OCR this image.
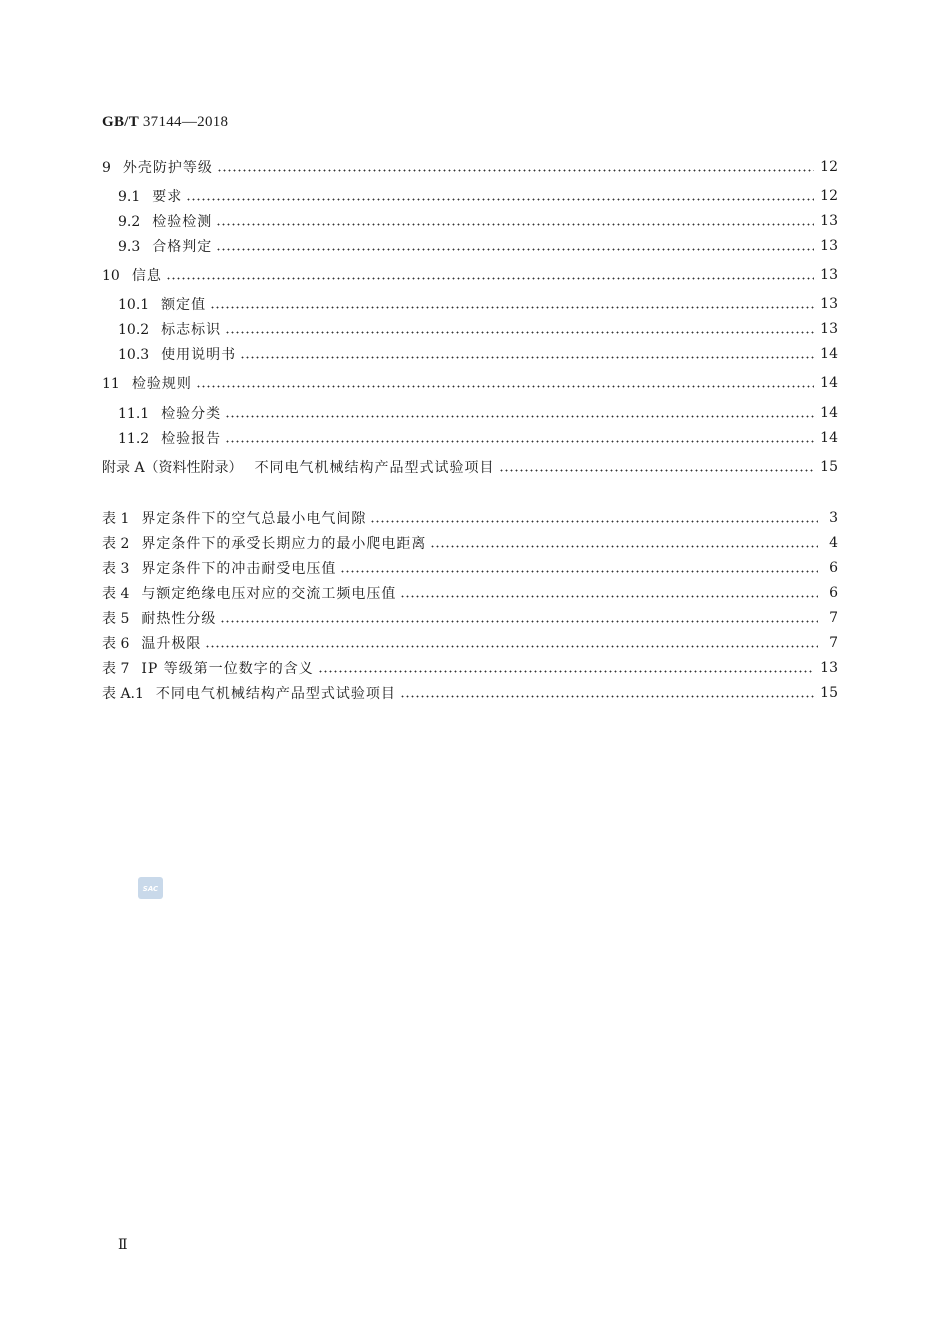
GB/T 37144—2018
9 外壳防护等级	12
9.1 要求	12
9.2 检验检测	13
9.3 合格判定	13
10 信息	13
10.1 额定值	13
10.2 标志标识	13
10.3 使用说明书	14
11 检验规则	14
11.1 检验分类	14
11.2 检验报告	14
附录 A（资料性附录） 不同电气机械结构产品型式试验项目	15
表 1 界定条件下的空气总最小电气间隙	3
表 2 界定条件下的承受长期应力的最小爬电距离	4
表 3 界定条件下的冲击耐受电压值	6
表 4 与额定绝缘电压对应的交流工频电压值	6
表 5 耐热性分级	7
表 6 温升极限	7
表 7 IP 等级第一位数字的含义	13
表 A.1 不同电气机械结构产品型式试验项目	15
SAC
Ⅱ
